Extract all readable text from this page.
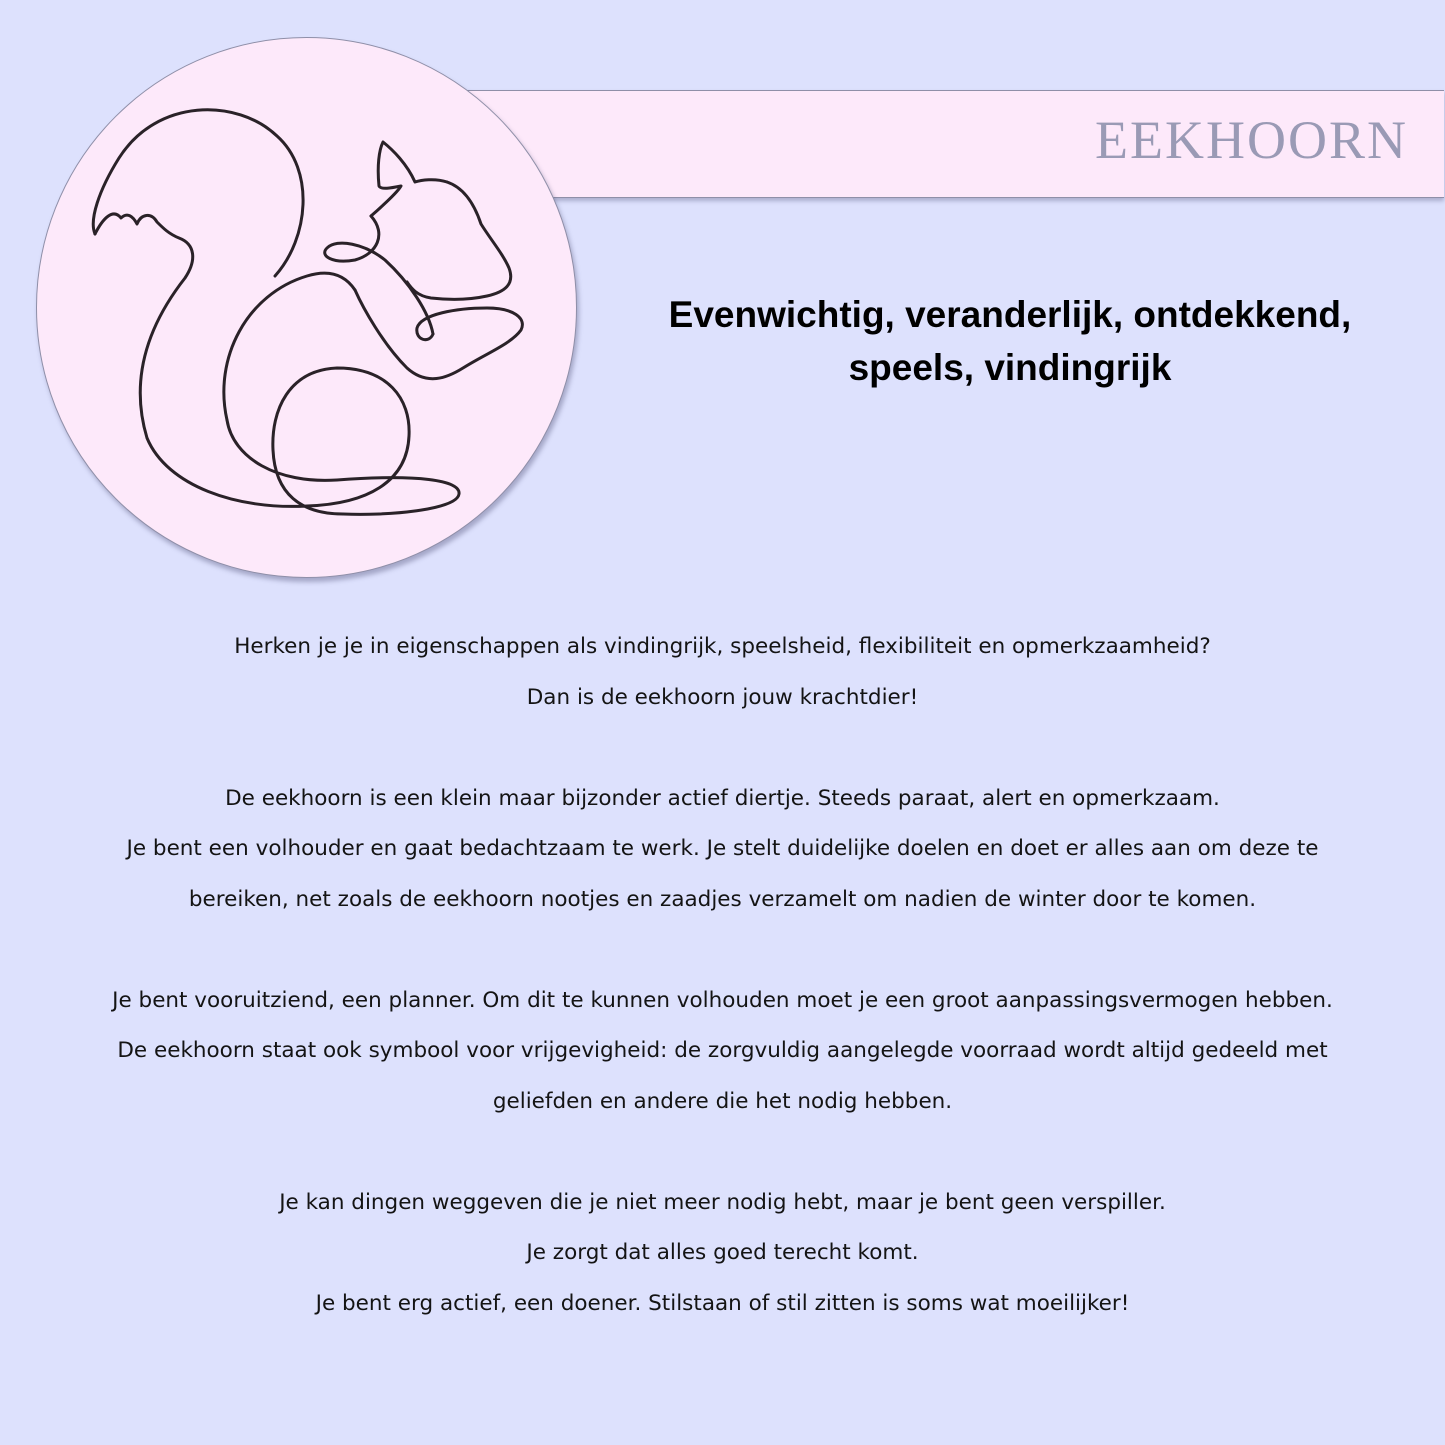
EEKHOORN
Evenwichtig, veranderlijk, ontdekkend,
speels, vindingrijk
Herken je je in eigenschappen als vindingrijk, speelsheid, flexibiliteit en opmerkzaamheid?
Dan is de eekhoorn jouw krachtdier!
De eekhoorn is een klein maar bijzonder actief diertje. Steeds paraat, alert en opmerkzaam.
Je bent een volhouder en gaat bedachtzaam te werk. Je stelt duidelijke doelen en doet er alles aan om deze te
bereiken, net zoals de eekhoorn nootjes en zaadjes verzamelt om nadien de winter door te komen.
Je bent vooruitziend, een planner. Om dit te kunnen volhouden moet je een groot aanpassingsvermogen hebben.
De eekhoorn staat ook symbool voor vrijgevigheid: de zorgvuldig aangelegde voorraad wordt altijd gedeeld met
geliefden en andere die het nodig hebben.
Je kan dingen weggeven die je niet meer nodig hebt, maar je bent geen verspiller.
Je zorgt dat alles goed terecht komt.
Je bent erg actief, een doener. Stilstaan of stil zitten is soms wat moeilijker!
